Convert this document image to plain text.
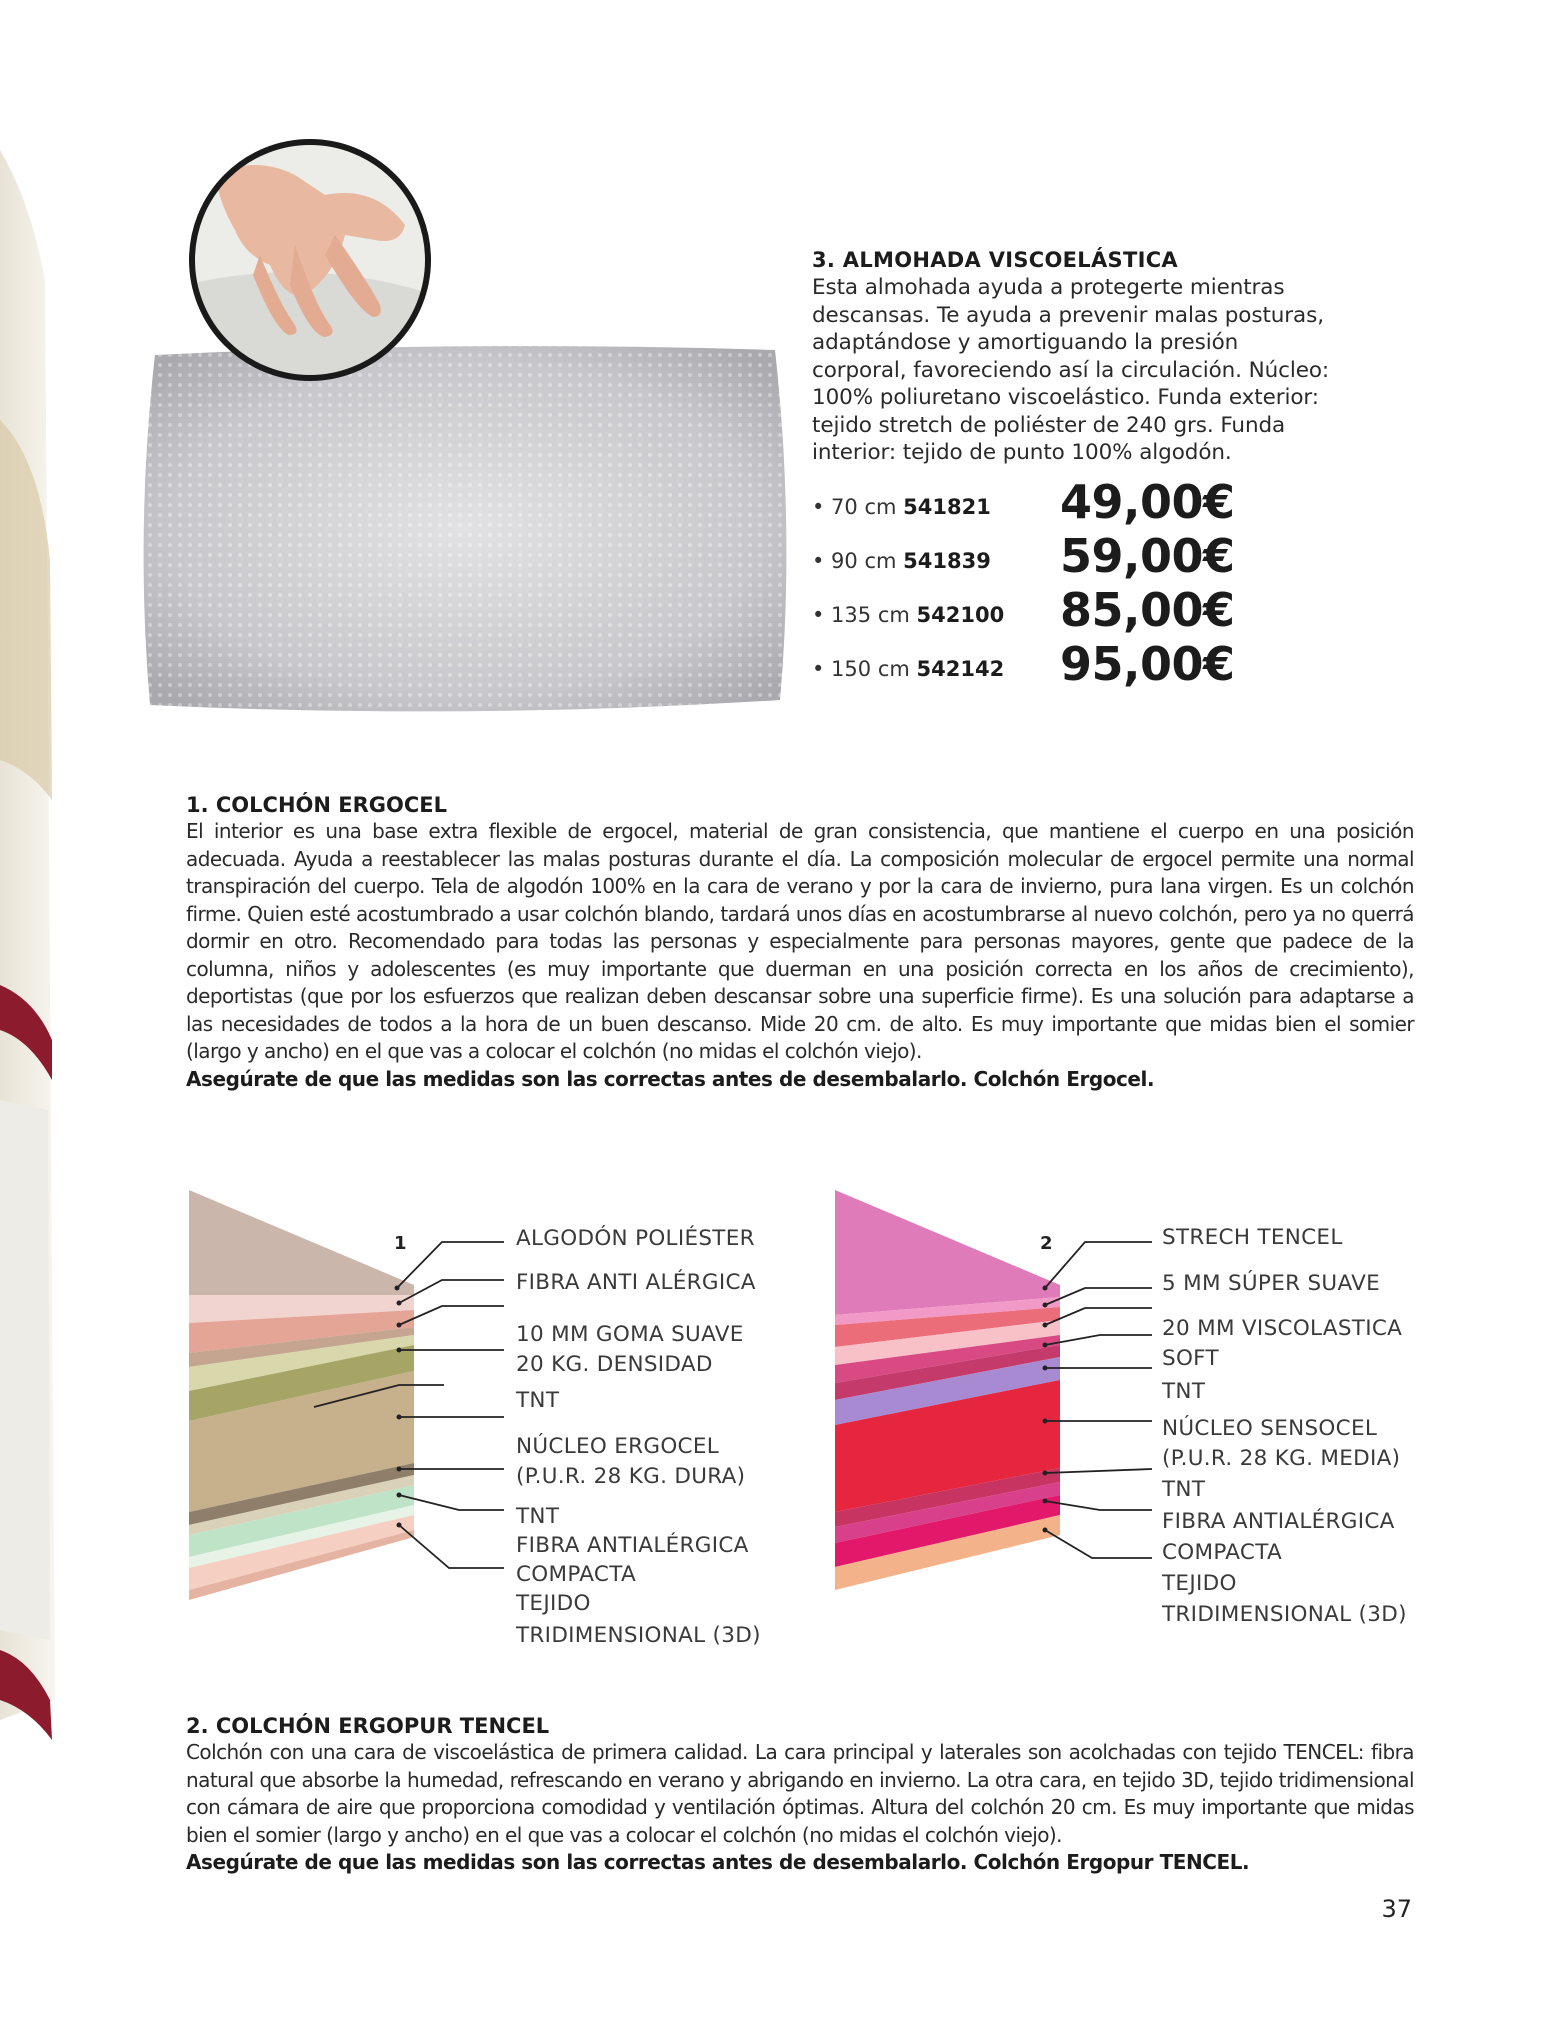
3. ALMOHADA VISCOELÁSTICA

Esta almohada ayuda a protegerte mientras
descansas. Te ayuda a prevenir malas posturas,
adaptándose y amortiguando la presión
corporal, favoreciendo así la circulación. Núcleo:
100% poliuretano viscoelástico. Funda exterior:
tejido stretch de poliéster de 240 grs. Funda
interior: tejido de punto 100% algodón.

• 70 cm 541821 49,00€
• 90 cm 541839 59,00€
• 135 cm 542100 85,00€
• 150 cm 542142 95,00€
1. COLCHÓN ERGOCEL

El interior es una base extra flexible de ergocel, material de gran consistencia, que mantiene el cuerpo en una posición adecuada. Ayuda a reestablecer las malas posturas durante el día. La composición molecular de ergocel permite una normal transpiración del cuerpo. Tela de algodón 100% en la cara de verano y por la cara de invierno, pura lana virgen. Es un colchón firme. Quien esté acostumbrado a usar colchón blando, tardará unos días en acostumbrarse al nuevo colchón, pero ya no querrá dormir en otro. Recomendado para todas las personas y especialmente para personas mayores, gente que padece de la columna, niños y adolescentes (es muy importante que duerman en una posición correcta en los años de crecimiento), deportistas (que por los esfuerzos que realizan deben descansar sobre una superficie firme). Es una solución para adaptarse a las necesidades de todos a la hora de un buen descanso. Mide 20 cm. de alto. Es muy importante que midas bien el somier (largo y ancho) en el que vas a colocar el colchón (no midas el colchón viejo).

Asegúrate de que las medidas son las correctas antes de desembalarlo. Colchón Ergocel.

1	ALGODÓN POLIÉSTER
FIBRA ANTI ALÉRGICA
10 MM GOMA SUAVE
20 KG. DENSIDAD
TNT
NÚCLEO ERGOCEL
(P.U.R. 28 KG. DURA)
TNT
FIBRA ANTIALÉRGICA
COMPACTA
TEJIDO
TRIDIMENSIONAL (3D)
2	STRECH TENCEL
5 MM SÚPER SUAVE
20 MM VISCOLASTICA
SOFT
TNT
NÚCLEO SENSOCEL
(P.U.R. 28 KG. MEDIA)
TNT
FIBRA ANTIALÉRGICA
COMPACTA
TEJIDO
TRIDIMENSIONAL (3D)
2. COLCHÓN ERGOPUR TENCEL

Colchón con una cara de viscoelástica de primera calidad. La cara principal y laterales son acolchadas con tejido TENCEL: fibra natural que absorbe la humedad, refrescando en verano y abrigando en invierno. La otra cara, en tejido 3D, tejido tridimensional con cámara de aire que proporciona comodidad y ventilación óptimas. Altura del colchón 20 cm. Es muy importante que midas bien el somier (largo y ancho) en el que vas a colocar el colchón (no midas el colchón viejo).

Asegúrate de que las medidas son las correctas antes de desembalarlo. Colchón Ergopur TENCEL.

37
